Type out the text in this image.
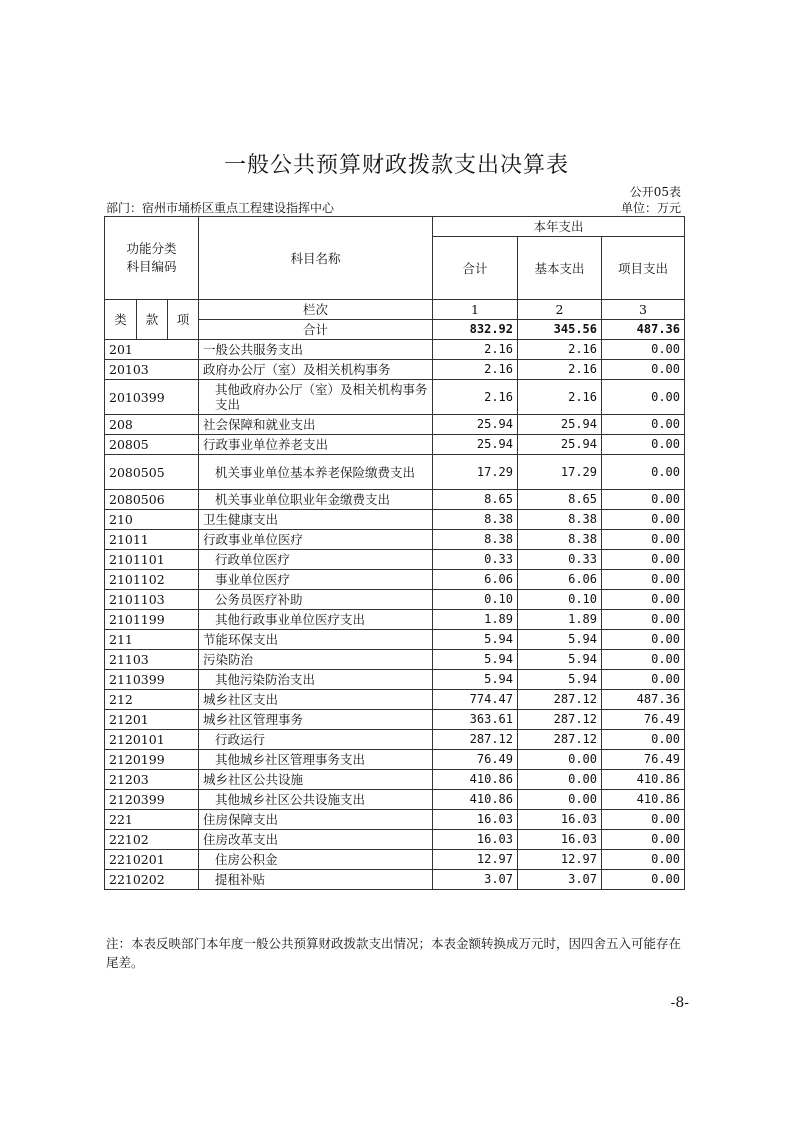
一般公共预算财政拨款支出决算表
公开05表
部门：宿州市埇桥区重点工程建设指挥中心	单位：万元
功能分类
科目编码			科目名称	本年支出		
				合计	基本支出	项目支出
类	款	项	栏次	1	2	3
			合计	832.92	345.56	487.36
201			一般公共服务支出	2.16	2.16	0.00
20103			政府办公厅（室）及相关机构事务	2.16	2.16	0.00
2010399			其他政府办公厅（室）及相关机构事务支出	2.16	2.16	0.00
208			社会保障和就业支出	25.94	25.94	0.00
20805			行政事业单位养老支出	25.94	25.94	0.00
2080505			机关事业单位基本养老保险缴费支出	17.29	17.29	0.00
2080506			机关事业单位职业年金缴费支出	8.65	8.65	0.00
210			卫生健康支出	8.38	8.38	0.00
21011			行政事业单位医疗	8.38	8.38	0.00
2101101			行政单位医疗	0.33	0.33	0.00
2101102			事业单位医疗	6.06	6.06	0.00
2101103			公务员医疗补助	0.10	0.10	0.00
2101199			其他行政事业单位医疗支出	1.89	1.89	0.00
211			节能环保支出	5.94	5.94	0.00
21103			污染防治	5.94	5.94	0.00
2110399			其他污染防治支出	5.94	5.94	0.00
212			城乡社区支出	774.47	287.12	487.36
21201			城乡社区管理事务	363.61	287.12	76.49
2120101			行政运行	287.12	287.12	0.00
2120199			其他城乡社区管理事务支出	76.49	0.00	76.49
21203			城乡社区公共设施	410.86	0.00	410.86
2120399			其他城乡社区公共设施支出	410.86	0.00	410.86
221			住房保障支出	16.03	16.03	0.00
22102			住房改革支出	16.03	16.03	0.00
2210201			住房公积金	12.97	12.97	0.00
2210202			提租补贴	3.07	3.07	0.00
注：本表反映部门本年度一般公共预算财政拨款支出情况；本表金额转换成万元时，因四舍五入可能存在尾差。
-8-
